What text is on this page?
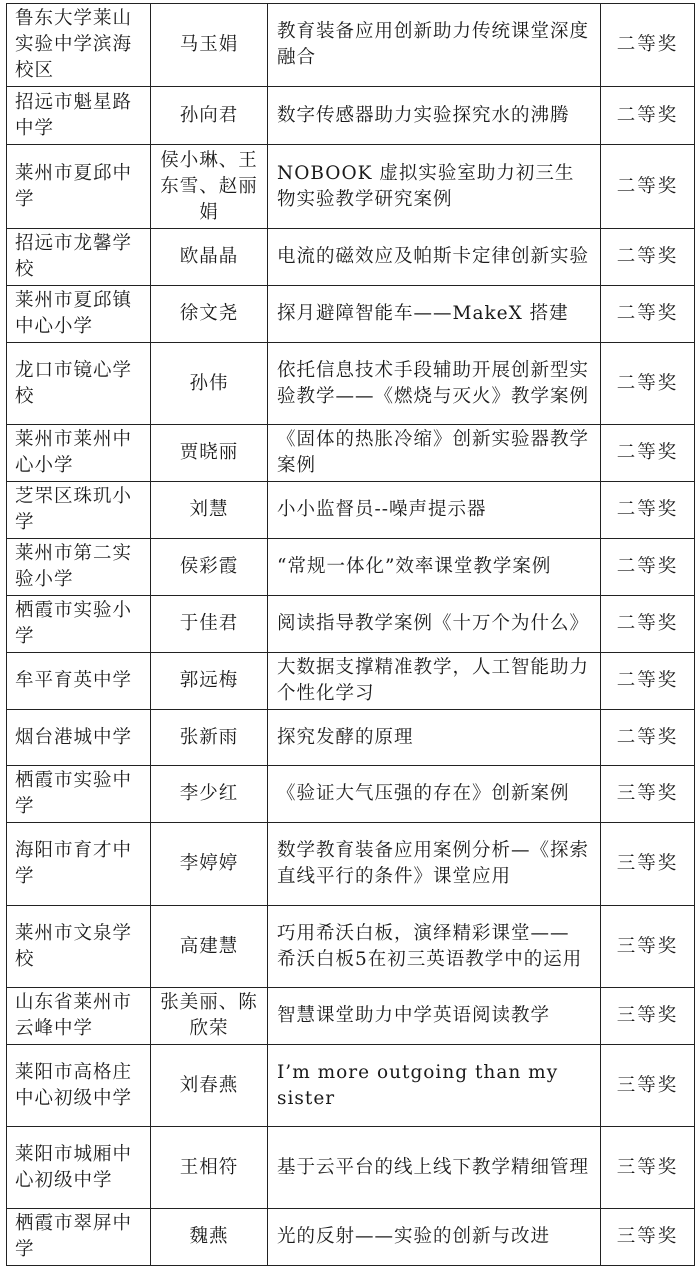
鲁东大学莱山实验中学滨海校区	马玉娟	教育装备应用创新助力传统课堂深度融合	二等奖
招远市魁星路中学	孙向君	数字传感器助力实验探究水的沸腾	二等奖
莱州市夏邱中学	侯小琳、王东雪、赵丽娟	NOBOOK 虚拟实验室助力初三生物实验教学研究案例	二等奖
招远市龙馨学校	欧晶晶	电流的磁效应及帕斯卡定律创新实验	二等奖
莱州市夏邱镇中心小学	徐文尧	探月避障智能车——MakeX 搭建	二等奖
龙口市镜心学校	孙伟	依托信息技术手段辅助开展创新型实验教学——《燃烧与灭火》教学案例	二等奖
莱州市莱州中心小学	贾晓丽	《固体的热胀冷缩》创新实验器教学案例	二等奖
芝罘区珠玑小学	刘慧	小小监督员--噪声提示器	二等奖
莱州市第二实验小学	侯彩霞	“常规一体化”效率课堂教学案例	二等奖
栖霞市实验小学	于佳君	阅读指导教学案例《十万个为什么》	二等奖
牟平育英中学	郭远梅	大数据支撑精准教学，人工智能助力个性化学习	二等奖
烟台港城中学	张新雨	探究发酵的原理	二等奖
栖霞市实验中学	李少红	《验证大气压强的存在》创新案例	三等奖
海阳市育才中学	李婷婷	数学教育装备应用案例分析—《探索直线平行的条件》课堂应用	三等奖
莱州市文泉学校	高建慧	巧用希沃白板，演绎精彩课堂—— 希沃白板5在初三英语教学中的运用	三等奖
山东省莱州市云峰中学	张美丽、陈欣荣	智慧课堂助力中学英语阅读教学	三等奖
莱阳市高格庄中心初级中学	刘春燕	I’m more outgoing than my sister	三等奖
莱阳市城厢中心初级中学	王相符	基于云平台的线上线下教学精细管理	三等奖
栖霞市翠屏中学	魏燕	光的反射——实验的创新与改进	三等奖
